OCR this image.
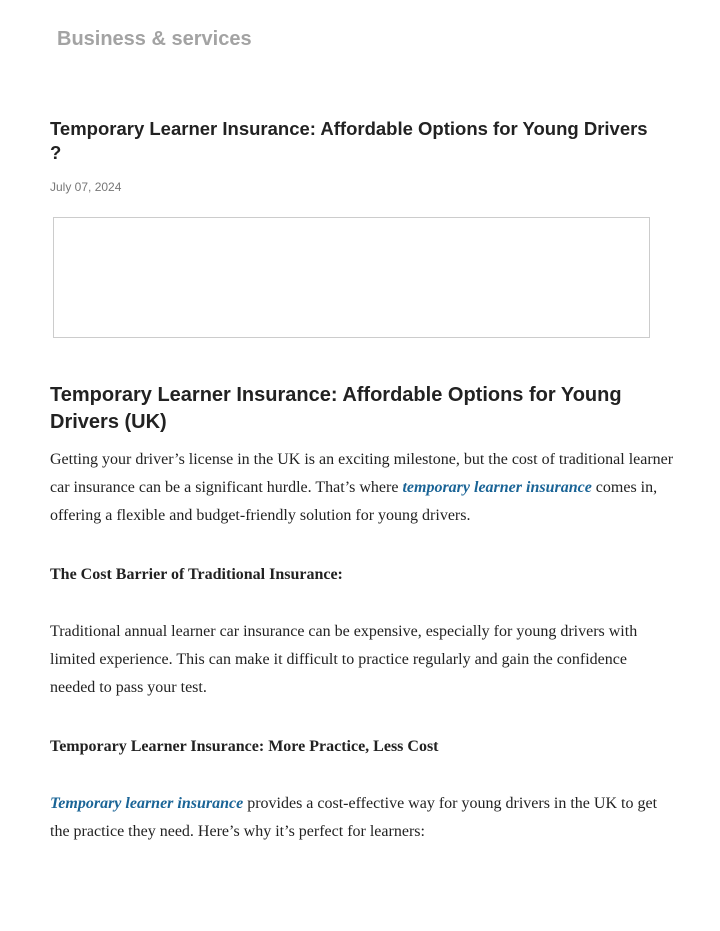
Business & services
Temporary Learner Insurance: Affordable Options for Young Drivers ?
July 07, 2024
Temporary Learner Insurance: Affordable Options for Young Drivers (UK)

Getting your driver’s license in the UK is an exciting milestone, but the cost of traditional learner car insurance can be a significant hurdle. That’s where temporary learner insurance comes in, offering a flexible and budget-friendly solution for young drivers.

The Cost Barrier of Traditional Insurance:

Traditional annual learner car insurance can be expensive, especially for young drivers with limited experience. This can make it difficult to practice regularly and gain the confidence needed to pass your test.

Temporary Learner Insurance: More Practice, Less Cost

Temporary learner insurance provides a cost-effective way for young drivers in the UK to get the practice they need. Here’s why it’s perfect for learners:
